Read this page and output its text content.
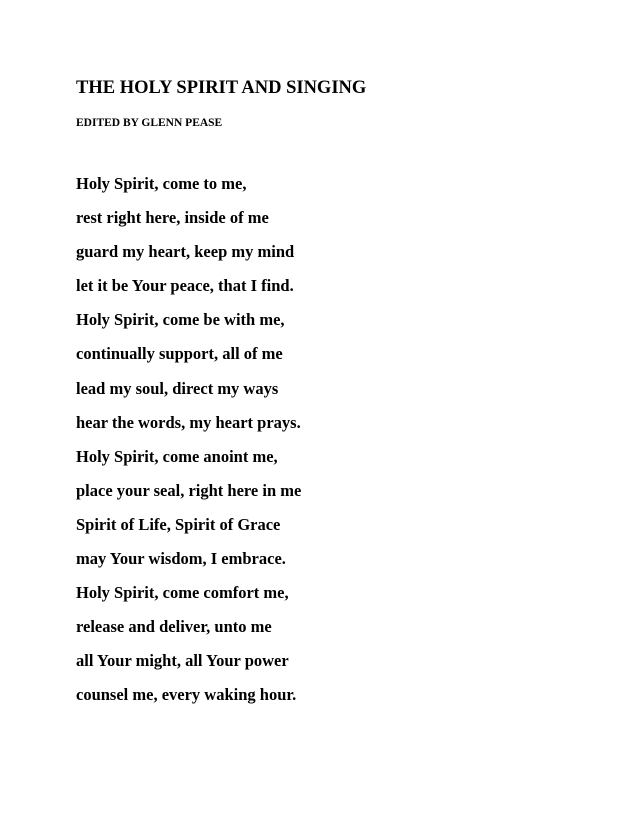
THE HOLY SPIRIT AND SINGING
EDITED BY GLENN PEASE
Holy Spirit, come to me,
rest right here, inside of me
guard my heart, keep my mind
let it be Your peace, that I find.
Holy Spirit, come be with me,
continually support, all of me
lead my soul, direct my ways
hear the words, my heart prays.
Holy Spirit, come anoint me,
place your seal, right here in me
Spirit of Life, Spirit of Grace
may Your wisdom, I embrace.
Holy Spirit, come comfort me,
release and deliver, unto me
all Your might, all Your power
counsel me, every waking hour.
